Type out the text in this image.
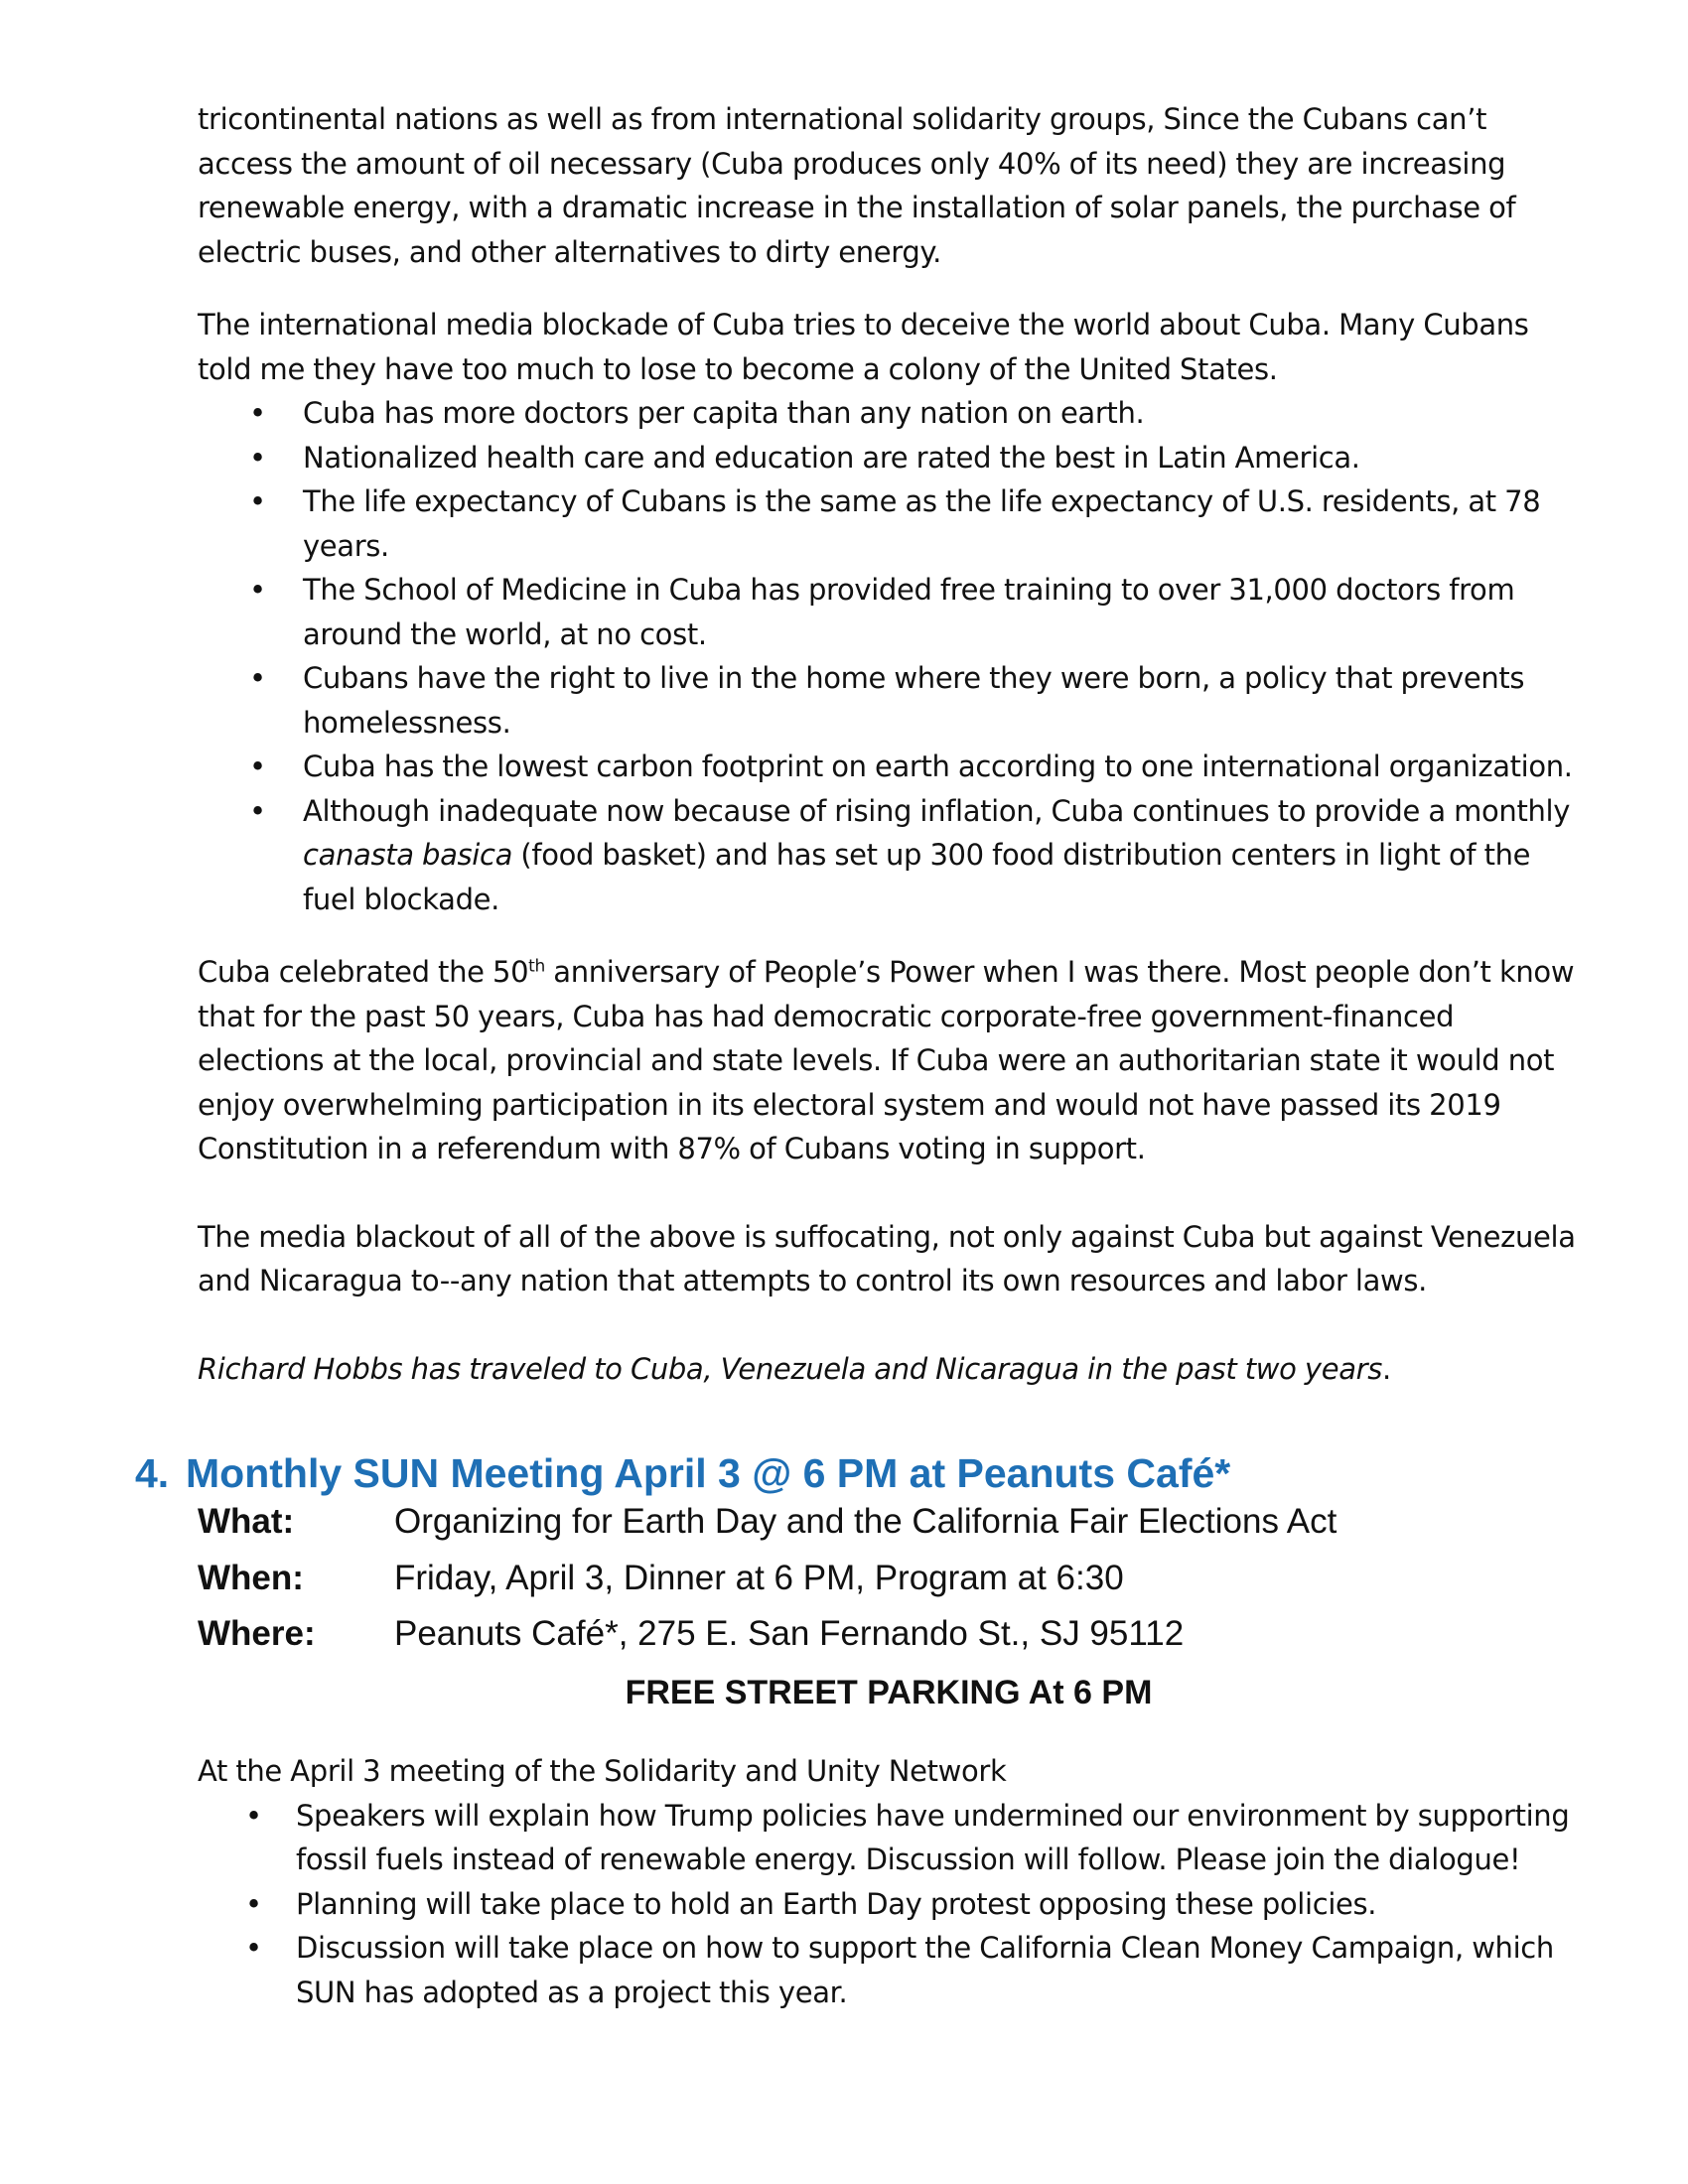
tricontinental nations as well as from international solidarity groups, Since the Cubans can’t access the amount of oil necessary (Cuba produces only 40% of its need) they are increasing renewable energy, with a dramatic increase in the installation of solar panels, the purchase of electric buses, and other alternatives to dirty energy.

The international media blockade of Cuba tries to deceive the world about Cuba. Many Cubans told me they have too much to lose to become a colony of the United States.

• Cuba has more doctors per capita than any nation on earth.
• Nationalized health care and education are rated the best in Latin America.
• The life expectancy of Cubans is the same as the life expectancy of U.S. residents, at 78 years.
• The School of Medicine in Cuba has provided free training to over 31,000 doctors from around the world, at no cost.
• Cubans have the right to live in the home where they were born, a policy that prevents homelessness.
• Cuba has the lowest carbon footprint on earth according to one international organization.
• Although inadequate now because of rising inflation, Cuba continues to provide a monthly canasta basica (food basket) and has set up 300 food distribution centers in light of the fuel blockade.

Cuba celebrated the 50th anniversary of People’s Power when I was there. Most people don’t know that for the past 50 years, Cuba has had democratic corporate-free government-financed elections at the local, provincial and state levels. If Cuba were an authoritarian state it would not enjoy overwhelming participation in its electoral system and would not have passed its 2019 Constitution in a referendum with 87% of Cubans voting in support.

The media blackout of all of the above is suffocating, not only against Cuba but against Venezuela and Nicaragua to--any nation that attempts to control its own resources and labor laws.

Richard Hobbs has traveled to Cuba, Venezuela and Nicaragua in the past two years.

4. Monthly SUN Meeting April 3 @ 6 PM at Peanuts Café*
What:	Organizing for Earth Day and the California Fair Elections Act
When:	Friday, April 3, Dinner at 6 PM, Program at 6:30
Where: Peanuts Café*, 275 E. San Fernando St., SJ 95112
FREE STREET PARKING At 6 PM

At the April 3 meeting of the Solidarity and Unity Network

• Speakers will explain how Trump policies have undermined our environment by supporting fossil fuels instead of renewable energy. Discussion will follow. Please join the dialogue!
• Planning will take place to hold an Earth Day protest opposing these policies.
• Discussion will take place on how to support the California Clean Money Campaign, which SUN has adopted as a project this year.
